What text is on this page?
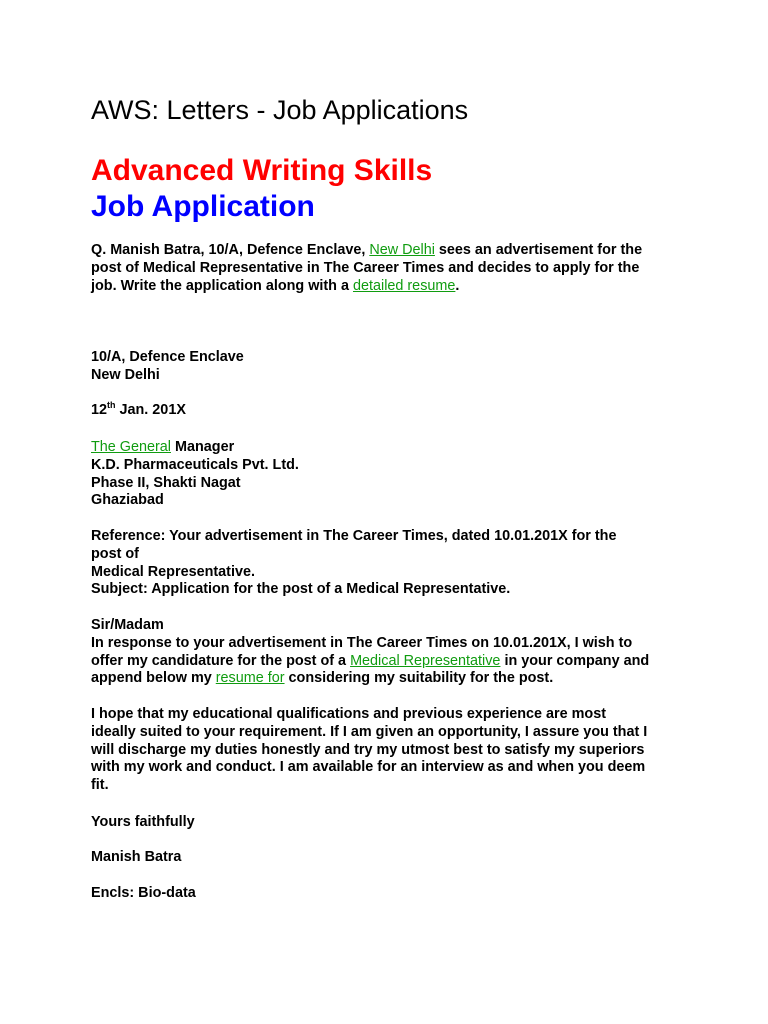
AWS: Letters - Job Applications
Advanced Writing Skills
Job Application
Q. Manish Batra, 10/A, Defence Enclave, New Delhi sees an advertisement for the
post of Medical Representative in The Career Times and decides to apply for the
job. Write the application along with a detailed resume.
10/A, Defence Enclave
New Delhi
12th Jan. 201X
The General Manager
K.D. Pharmaceuticals Pvt. Ltd.
Phase II, Shakti Nagat
Ghaziabad
Reference: Your advertisement in The Career Times, dated 10.01.201X for the
post of
Medical Representative.
Subject: Application for the post of a Medical Representative.
Sir/Madam
In response to your advertisement in The Career Times on 10.01.201X, I wish to
offer my candidature for the post of a Medical Representative in your company and
append below my resume for considering my suitability for the post.
I hope that my educational qualifications and previous experience are most
ideally suited to your requirement. If I am given an opportunity, I assure you that I
will discharge my duties honestly and try my utmost best to satisfy my superiors
with my work and conduct. I am available for an interview as and when you deem
fit.
Yours faithfully
Manish Batra
Encls: Bio-data
